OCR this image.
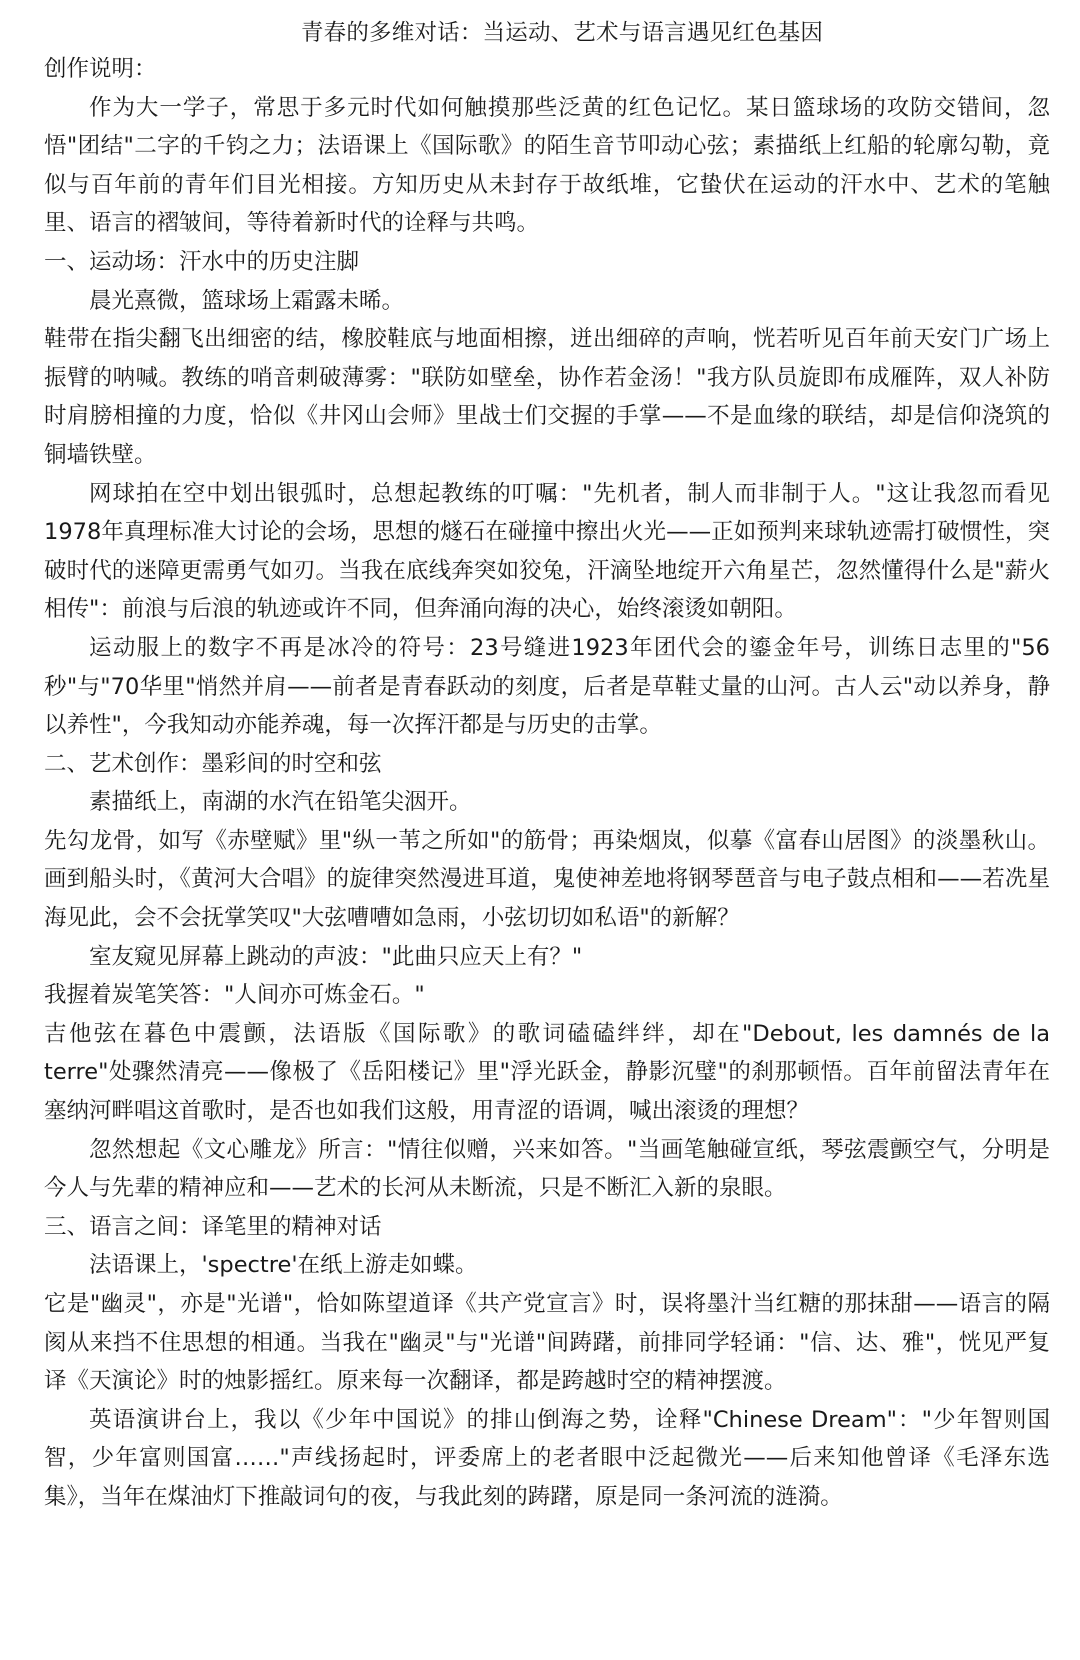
青春的多维对话：当运动、艺术与语言遇见红色基因

创作说明：

作为大一学子，常思于多元时代如何触摸那些泛黄的红色记忆。某日篮球场的攻防交错间，忽悟"团结"二字的千钧之力；法语课上《国际歌》的陌生音节叩动心弦；素描纸上红船的轮廓勾勒，竟似与百年前的青年们目光相接。方知历史从未封存于故纸堆，它蛰伏在运动的汗水中、艺术的笔触里、语言的褶皱间，等待着新时代的诠释与共鸣。

一、运动场：汗水中的历史注脚

晨光熹微，篮球场上霜露未晞。

鞋带在指尖翻飞出细密的结，橡胶鞋底与地面相擦，迸出细碎的声响，恍若听见百年前天安门广场上振臂的呐喊。教练的哨音刺破薄雾："联防如壁垒，协作若金汤！"我方队员旋即布成雁阵，双人补防时肩膀相撞的力度，恰似《井冈山会师》里战士们交握的手掌——不是血缘的联结，却是信仰浇筑的铜墙铁壁。

网球拍在空中划出银弧时，总想起教练的叮嘱："先机者，制人而非制于人。"这让我忽而看见1978年真理标准大讨论的会场，思想的燧石在碰撞中擦出火光——正如预判来球轨迹需打破惯性，突破时代的迷障更需勇气如刃。当我在底线奔突如狡兔，汗滴坠地绽开六角星芒，忽然懂得什么是"薪火相传"：前浪与后浪的轨迹或许不同，但奔涌向海的决心，始终滚烫如朝阳。

运动服上的数字不再是冰冷的符号：23号缝进1923年团代会的鎏金年号，训练日志里的"56秒"与"70华里"悄然并肩——前者是青春跃动的刻度，后者是草鞋丈量的山河。古人云"动以养身，静以养性"，今我知动亦能养魂，每一次挥汗都是与历史的击掌。

二、艺术创作：墨彩间的时空和弦

素描纸上，南湖的水汽在铅笔尖洇开。

先勾龙骨，如写《赤壁赋》里"纵一苇之所如"的筋骨；再染烟岚，似摹《富春山居图》的淡墨秋山。画到船头时，《黄河大合唱》的旋律突然漫进耳道，鬼使神差地将钢琴琶音与电子鼓点相和——若冼星海见此，会不会抚掌笑叹"大弦嘈嘈如急雨，小弦切切如私语"的新解？

室友窥见屏幕上跳动的声波："此曲只应天上有？"

我握着炭笔笑答："人间亦可炼金石。"

吉他弦在暮色中震颤，法语版《国际歌》的歌词磕磕绊绊，却在"Debout, les damnés de la terre"处骤然清亮——像极了《岳阳楼记》里"浮光跃金，静影沉璧"的刹那顿悟。百年前留法青年在塞纳河畔唱这首歌时，是否也如我们这般，用青涩的语调，喊出滚烫的理想？

忽然想起《文心雕龙》所言："情往似赠，兴来如答。"当画笔触碰宣纸，琴弦震颤空气，分明是今人与先辈的精神应和——艺术的长河从未断流，只是不断汇入新的泉眼。

三、语言之间：译笔里的精神对话

法语课上，'spectre'在纸上游走如蝶。

它是"幽灵"，亦是"光谱"，恰如陈望道译《共产党宣言》时，误将墨汁当红糖的那抹甜——语言的隔阂从来挡不住思想的相通。当我在"幽灵"与"光谱"间踌躇，前排同学轻诵："信、达、雅"，恍见严复译《天演论》时的烛影摇红。原来每一次翻译，都是跨越时空的精神摆渡。

英语演讲台上，我以《少年中国说》的排山倒海之势，诠释"Chinese Dream"："少年智则国智，少年富则国富……"声线扬起时，评委席上的老者眼中泛起微光——后来知他曾译《毛泽东选集》，当年在煤油灯下推敲词句的夜，与我此刻的踌躇，原是同一条河流的涟漪。
